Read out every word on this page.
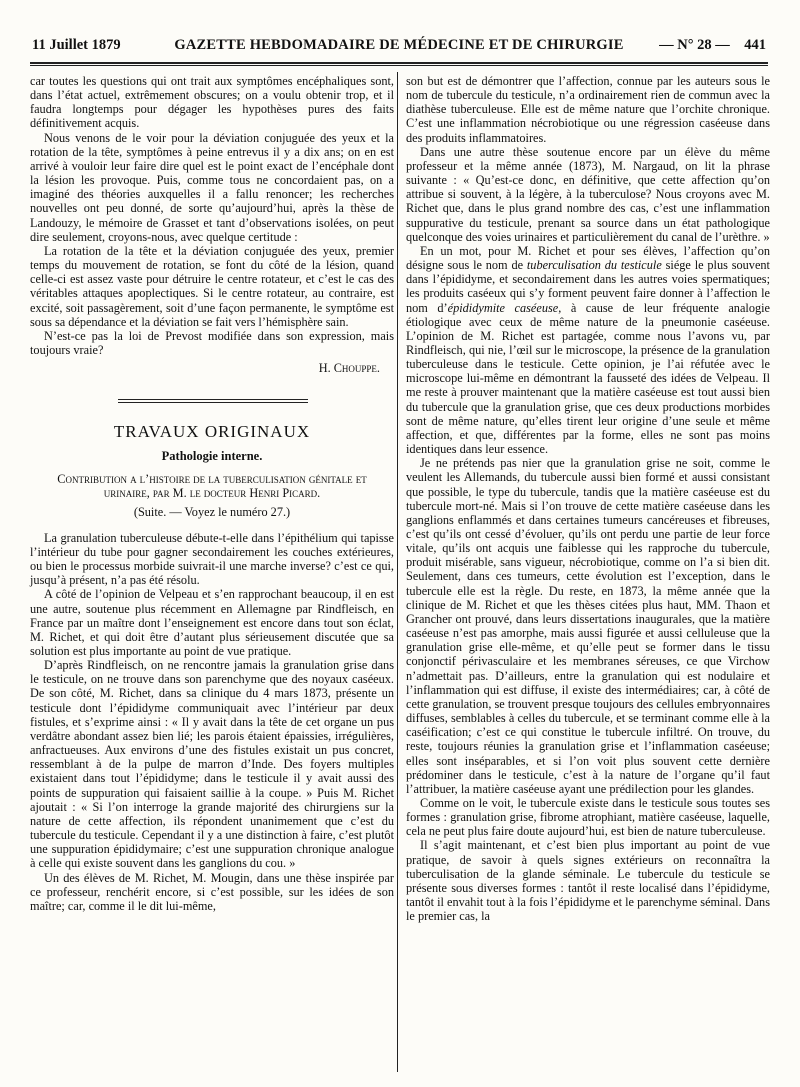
11 Juillet 1879	GAZETTE HEBDOMADAIRE DE MÉDECINE ET DE CHIRURGIE	— N° 28 — 441

car toutes les questions qui ont trait aux symptômes encéphaliques sont, dans l’état actuel, extrêmement obscures; on a voulu obtenir trop, et il faudra longtemps pour dégager les hypothèses pures des faits définitivement acquis.

Nous venons de le voir pour la déviation conjuguée des yeux et la rotation de la tête, symptômes à peine entrevus il y a dix ans; on en est arrivé à vouloir leur faire dire quel est le point exact de l’encéphale dont la lésion les provoque. Puis, comme tous ne concordaient pas, on a imaginé des théories auxquelles il a fallu renoncer; les recherches nouvelles ont peu donné, de sorte qu’aujourd’hui, après la thèse de Landouzy, le mémoire de Grasset et tant d’observations isolées, on peut dire seulement, croyons-nous, avec quelque certitude :

La rotation de la tête et la déviation conjuguée des yeux, premier temps du mouvement de rotation, se font du côté de la lésion, quand celle-ci est assez vaste pour détruire le centre rotateur, et c’est le cas des véritables attaques apoplectiques. Si le centre rotateur, au contraire, est excité, soit passagèrement, soit d’une façon permanente, le symptôme est sous sa dépendance et la déviation se fait vers l’hémisphère sain.

N’est-ce pas la loi de Prevost modifiée dans son expression, mais toujours vraie?

H. Chouppe.
TRAVAUX ORIGINAUX
Pathologie interne.
Contribution a l’histoire de la tuberculisation génitale et urinaire, par M. le docteur Henri Picard.
(Suite. — Voyez le numéro 27.)

La granulation tuberculeuse débute-t-elle dans l’épithélium qui tapisse l’intérieur du tube pour gagner secondairement les couches extérieures, ou bien le processus morbide suivrait-il une marche inverse? c’est ce qui, jusqu’à présent, n’a pas été résolu.

A côté de l’opinion de Velpeau et s’en rapprochant beaucoup, il en est une autre, soutenue plus récemment en Allemagne par Rindfleisch, en France par un maître dont l’enseignement est encore dans tout son éclat, M. Richet, et qui doit être d’autant plus sérieusement discutée que sa solution est plus importante au point de vue pratique.

D’après Rindfleisch, on ne rencontre jamais la granulation grise dans le testicule, on ne trouve dans son parenchyme que des noyaux caséeux. De son côté, M. Richet, dans sa clinique du 4 mars 1873, présente un testicule dont l’épididyme communiquait avec l’intérieur par deux fistules, et s’exprime ainsi : « Il y avait dans la tête de cet organe un pus verdâtre abondant assez bien lié; les parois étaient épaissies, irrégulières, anfractueuses. Aux environs d’une des fistules existait un pus concret, ressemblant à de la pulpe de marron d’Inde. Des foyers multiples existaient dans tout l’épididyme; dans le testicule il y avait aussi des points de suppuration qui faisaient saillie à la coupe. » Puis M. Richet ajoutait : « Si l’on interroge la grande majorité des chirurgiens sur la nature de cette affection, ils répondent unanimement que c’est du tubercule du testicule. Cependant il y a une distinction à faire, c’est plutôt une suppuration épididymaire; c’est une suppuration chronique analogue à celle qui existe souvent dans les ganglions du cou. »

Un des élèves de M. Richet, M. Mougin, dans une thèse inspirée par ce professeur, renchérit encore, si c’est possible, sur les idées de son maître; car, comme il le dit lui-même,

son but est de démontrer que l’affection, connue par les auteurs sous le nom de tubercule du testicule, n’a ordinairement rien de commun avec la diathèse tuberculeuse. Elle est de même nature que l’orchite chronique. C’est une inflammation nécrobiotique ou une régression caséeuse dans des produits inflammatoires.

Dans une autre thèse soutenue encore par un élève du même professeur et la même année (1873), M. Nargaud, on lit la phrase suivante : « Qu’est-ce donc, en définitive, que cette affection qu’on attribue si souvent, à la légère, à la tuberculose? Nous croyons avec M. Richet que, dans le plus grand nombre des cas, c’est une inflammation suppurative du testicule, prenant sa source dans un état pathologique quelconque des voies urinaires et particulièrement du canal de l’urèthre. »

En un mot, pour M. Richet et pour ses élèves, l’affection qu’on désigne sous le nom de tuberculisation du testicule siége le plus souvent dans l’épididyme, et secondairement dans les autres voies spermatiques; les produits caséeux qui s’y forment peuvent faire donner à l’affection le nom d’épididymite caséeuse, à cause de leur fréquente analogie étiologique avec ceux de même nature de la pneumonie caséeuse. L’opinion de M. Richet est partagée, comme nous l’avons vu, par Rindfleisch, qui nie, l’œil sur le microscope, la présence de la granulation tuberculeuse dans le testicule. Cette opinion, je l’ai réfutée avec le microscope lui-même en démontrant la fausseté des idées de Velpeau. Il me reste à prouver maintenant que la matière caséeuse est tout aussi bien du tubercule que la granulation grise, que ces deux productions morbides sont de même nature, qu’elles tirent leur origine d’une seule et même affection, et que, différentes par la forme, elles ne sont pas moins identiques dans leur essence.

Je ne prétends pas nier que la granulation grise ne soit, comme le veulent les Allemands, du tubercule aussi bien formé et aussi consistant que possible, le type du tubercule, tandis que la matière caséeuse est du tubercule mort-né. Mais si l’on trouve de cette matière caséeuse dans les ganglions enflammés et dans certaines tumeurs cancéreuses et fibreuses, c’est qu’ils ont cessé d’évoluer, qu’ils ont perdu une partie de leur force vitale, qu’ils ont acquis une faiblesse qui les rapproche du tubercule, produit misérable, sans vigueur, nécrobiotique, comme on l’a si bien dit. Seulement, dans ces tumeurs, cette évolution est l’exception, dans le tubercule elle est la règle. Du reste, en 1873, la même année que la clinique de M. Richet et que les thèses citées plus haut, MM. Thaon et Grancher ont prouvé, dans leurs dissertations inaugurales, que la matière caséeuse n’est pas amorphe, mais aussi figurée et aussi celluleuse que la granulation grise elle-même, et qu’elle peut se former dans le tissu conjonctif périvasculaire et les membranes séreuses, ce que Virchow n’admettait pas. D’ailleurs, entre la granulation qui est nodulaire et l’inflammation qui est diffuse, il existe des intermédiaires; car, à côté de cette granulation, se trouvent presque toujours des cellules embryonnaires diffuses, semblables à celles du tubercule, et se terminant comme elle à la caséification; c’est ce qui constitue le tubercule infiltré. On trouve, du reste, toujours réunies la granulation grise et l’inflammation caséeuse; elles sont inséparables, et si l’on voit plus souvent cette dernière prédominer dans le testicule, c’est à la nature de l’organe qu’il faut l’attribuer, la matière caséeuse ayant une prédilection pour les glandes.

Comme on le voit, le tubercule existe dans le testicule sous toutes ses formes : granulation grise, fibrome atrophiant, matière caséeuse, laquelle, cela ne peut plus faire doute aujourd’hui, est bien de nature tuberculeuse.

Il s’agit maintenant, et c’est bien plus important au point de vue pratique, de savoir à quels signes extérieurs on reconnaîtra la tuberculisation de la glande séminale. Le tubercule du testicule se présente sous diverses formes : tantôt il reste localisé dans l’épididyme, tantôt il envahit tout à la fois l’épididyme et le parenchyme séminal. Dans le premier cas, la
